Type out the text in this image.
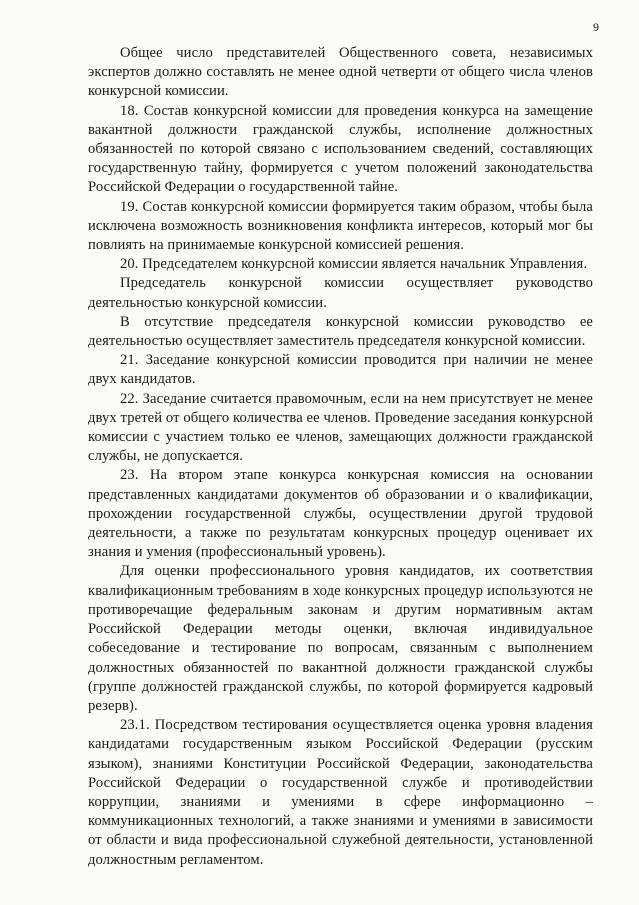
9

Общее число представителей Общественного совета, независимых экспертов должно составлять не менее одной четверти от общего числа членов конкурсной комиссии.

18. Состав конкурсной комиссии для проведения конкурса на замещение вакантной должности гражданской службы, исполнение должностных обязанностей по которой связано с использованием сведений, составляющих государственную тайну, формируется с учетом положений законодательства Российской Федерации о государственной тайне.

19. Состав конкурсной комиссии формируется таким образом, чтобы была исключена возможность возникновения конфликта интересов, который мог бы повлиять на принимаемые конкурсной комиссией решения.

20. Председателем конкурсной комиссии является начальник Управления.

Председатель конкурсной комиссии осуществляет руководство деятельностью конкурсной комиссии.

В отсутствие председателя конкурсной комиссии руководство ее деятельностью осуществляет заместитель председателя конкурсной комиссии.

21. Заседание конкурсной комиссии проводится при наличии не менее двух кандидатов.

22. Заседание считается правомочным, если на нем присутствует не менее двух третей от общего количества ее членов. Проведение заседания конкурсной комиссии с участием только ее членов, замещающих должности гражданской службы, не допускается.

23. На втором этапе конкурса конкурсная комиссия на основании представленных кандидатами документов об образовании и о квалификации, прохождении государственной службы, осуществлении другой трудовой деятельности, а также по результатам конкурсных процедур оценивает их знания и умения (профессиональный уровень).

Для оценки профессионального уровня кандидатов, их соответствия квалификационным требованиям в ходе конкурсных процедур используются не противоречащие федеральным законам и другим нормативным актам Российской Федерации методы оценки, включая индивидуальное собеседование и тестирование по вопросам, связанным с выполнением должностных обязанностей по вакантной должности гражданской службы (группе должностей гражданской службы, по которой формируется кадровый резерв).

23.1. Посредством тестирования осуществляется оценка уровня владения кандидатами государственным языком Российской Федерации (русским языком), знаниями Конституции Российской Федерации, законодательства Российской Федерации о государственной службе и противодействии коррупции, знаниями и умениями в сфере информационно – коммуникационных технологий, а также знаниями и умениями в зависимости от области и вида профессиональной служебной деятельности, установленной должностным регламентом.
